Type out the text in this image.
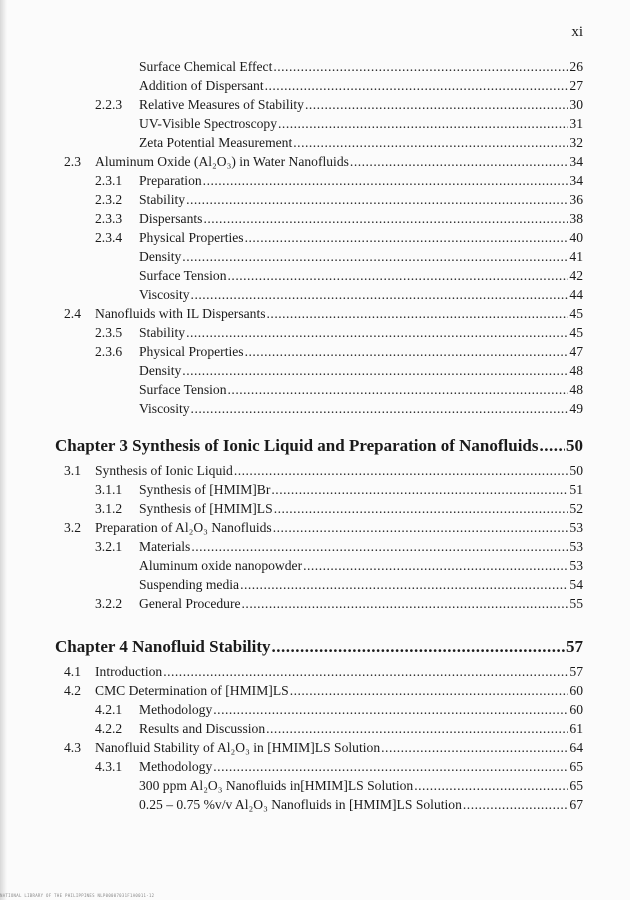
xi
Surface Chemical Effect .....	26
Addition of Dispersant .....	27
2.2.3 Relative Measures of Stability .....	30
UV-Visible Spectroscopy .....	31
Zeta Potential Measurement .....	32
2.3 Aluminum Oxide (Al₂O₃) in Water Nanofluids .....	34
2.3.1 Preparation .....	34
2.3.2 Stability .....	36
2.3.3 Dispersants .....	38
2.3.4 Physical Properties .....	40
Density .....	41
Surface Tension .....	42
Viscosity .....	44
2.4 Nanofluids with IL Dispersants .....	45
2.3.5 Stability .....	45
2.3.6 Physical Properties .....	47
Density .....	48
Surface Tension .....	48
Viscosity .....	49
Chapter 3 Synthesis of Ionic Liquid and Preparation of Nanofluids ..... 50
3.1 Synthesis of Ionic Liquid .....	50
3.1.1 Synthesis of [HMIM]Br .....	51
3.1.2 Synthesis of [HMIM]LS .....	52
3.2 Preparation of Al₂O₃ Nanofluids .....	53
3.2.1 Materials .....	53
Aluminum oxide nanopowder .....	53
Suspending media .....	54
3.2.2 General Procedure .....	55
Chapter 4 Nanofluid Stability .....	57
4.1 Introduction .....	57
4.2 CMC Determination of [HMIM]LS .....	60
4.2.1 Methodology .....	60
4.2.2 Results and Discussion .....	61
4.3 Nanofluid Stability of Al₂O₃ in [HMIM]LS Solution .....	64
4.3.1 Methodology .....	65
300 ppm Al₂O₃ Nanofluids in[HMIM]LS Solution .....	65
0.25 – 0.75 %v/v Al₂O₃ Nanofluids in [HMIM]LS Solution .....	67
NATIONAL LIBRARY OF THE PHILIPPINES NLP00007031F1A0011-12
